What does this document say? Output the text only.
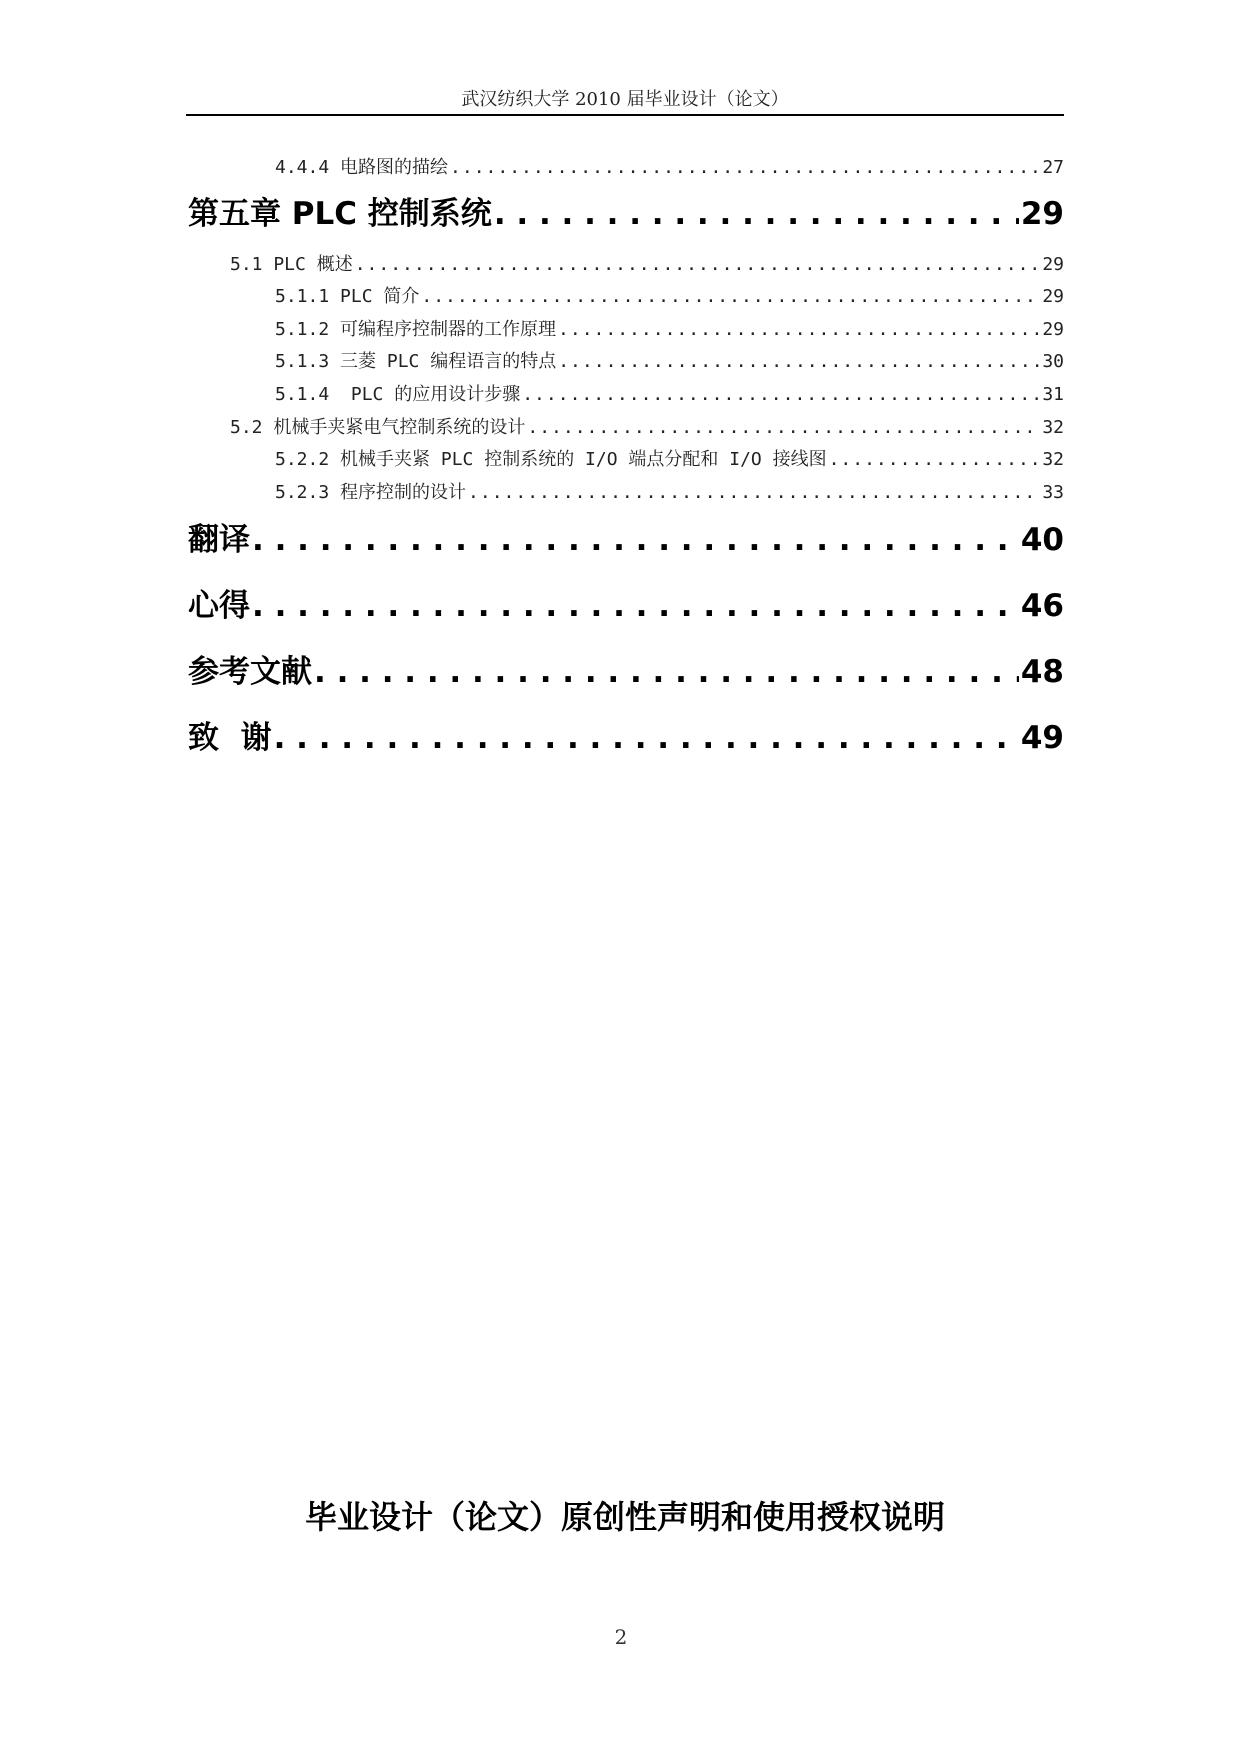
武汉纺织大学 2010 届毕业设计（论文）
4.4.4 电路图的描绘 .....	27
第五章 PLC 控制系统 . . .	29
5.1 PLC 概述 .....	29
5.1.1 PLC 简介 .....	29
5.1.2 可编程序控制器的工作原理 .....	29
5.1.3 三菱 PLC 编程语言的特点 .....	30
5.1.4  PLC 的应用设计步骤 .....	31
5.2 机械手夹紧电气控制系统的设计 .....	32
5.2.2 机械手夹紧 PLC 控制系统的 I/O 端点分配和 I/O 接线图 .....	32
5.2.3 程序控制的设计 .....	33
翻译 . . .	40
心得 . . .	46
参考文献 . . .	48
致  谢 . . .	49
毕业设计（论文）原创性声明和使用授权说明
2
